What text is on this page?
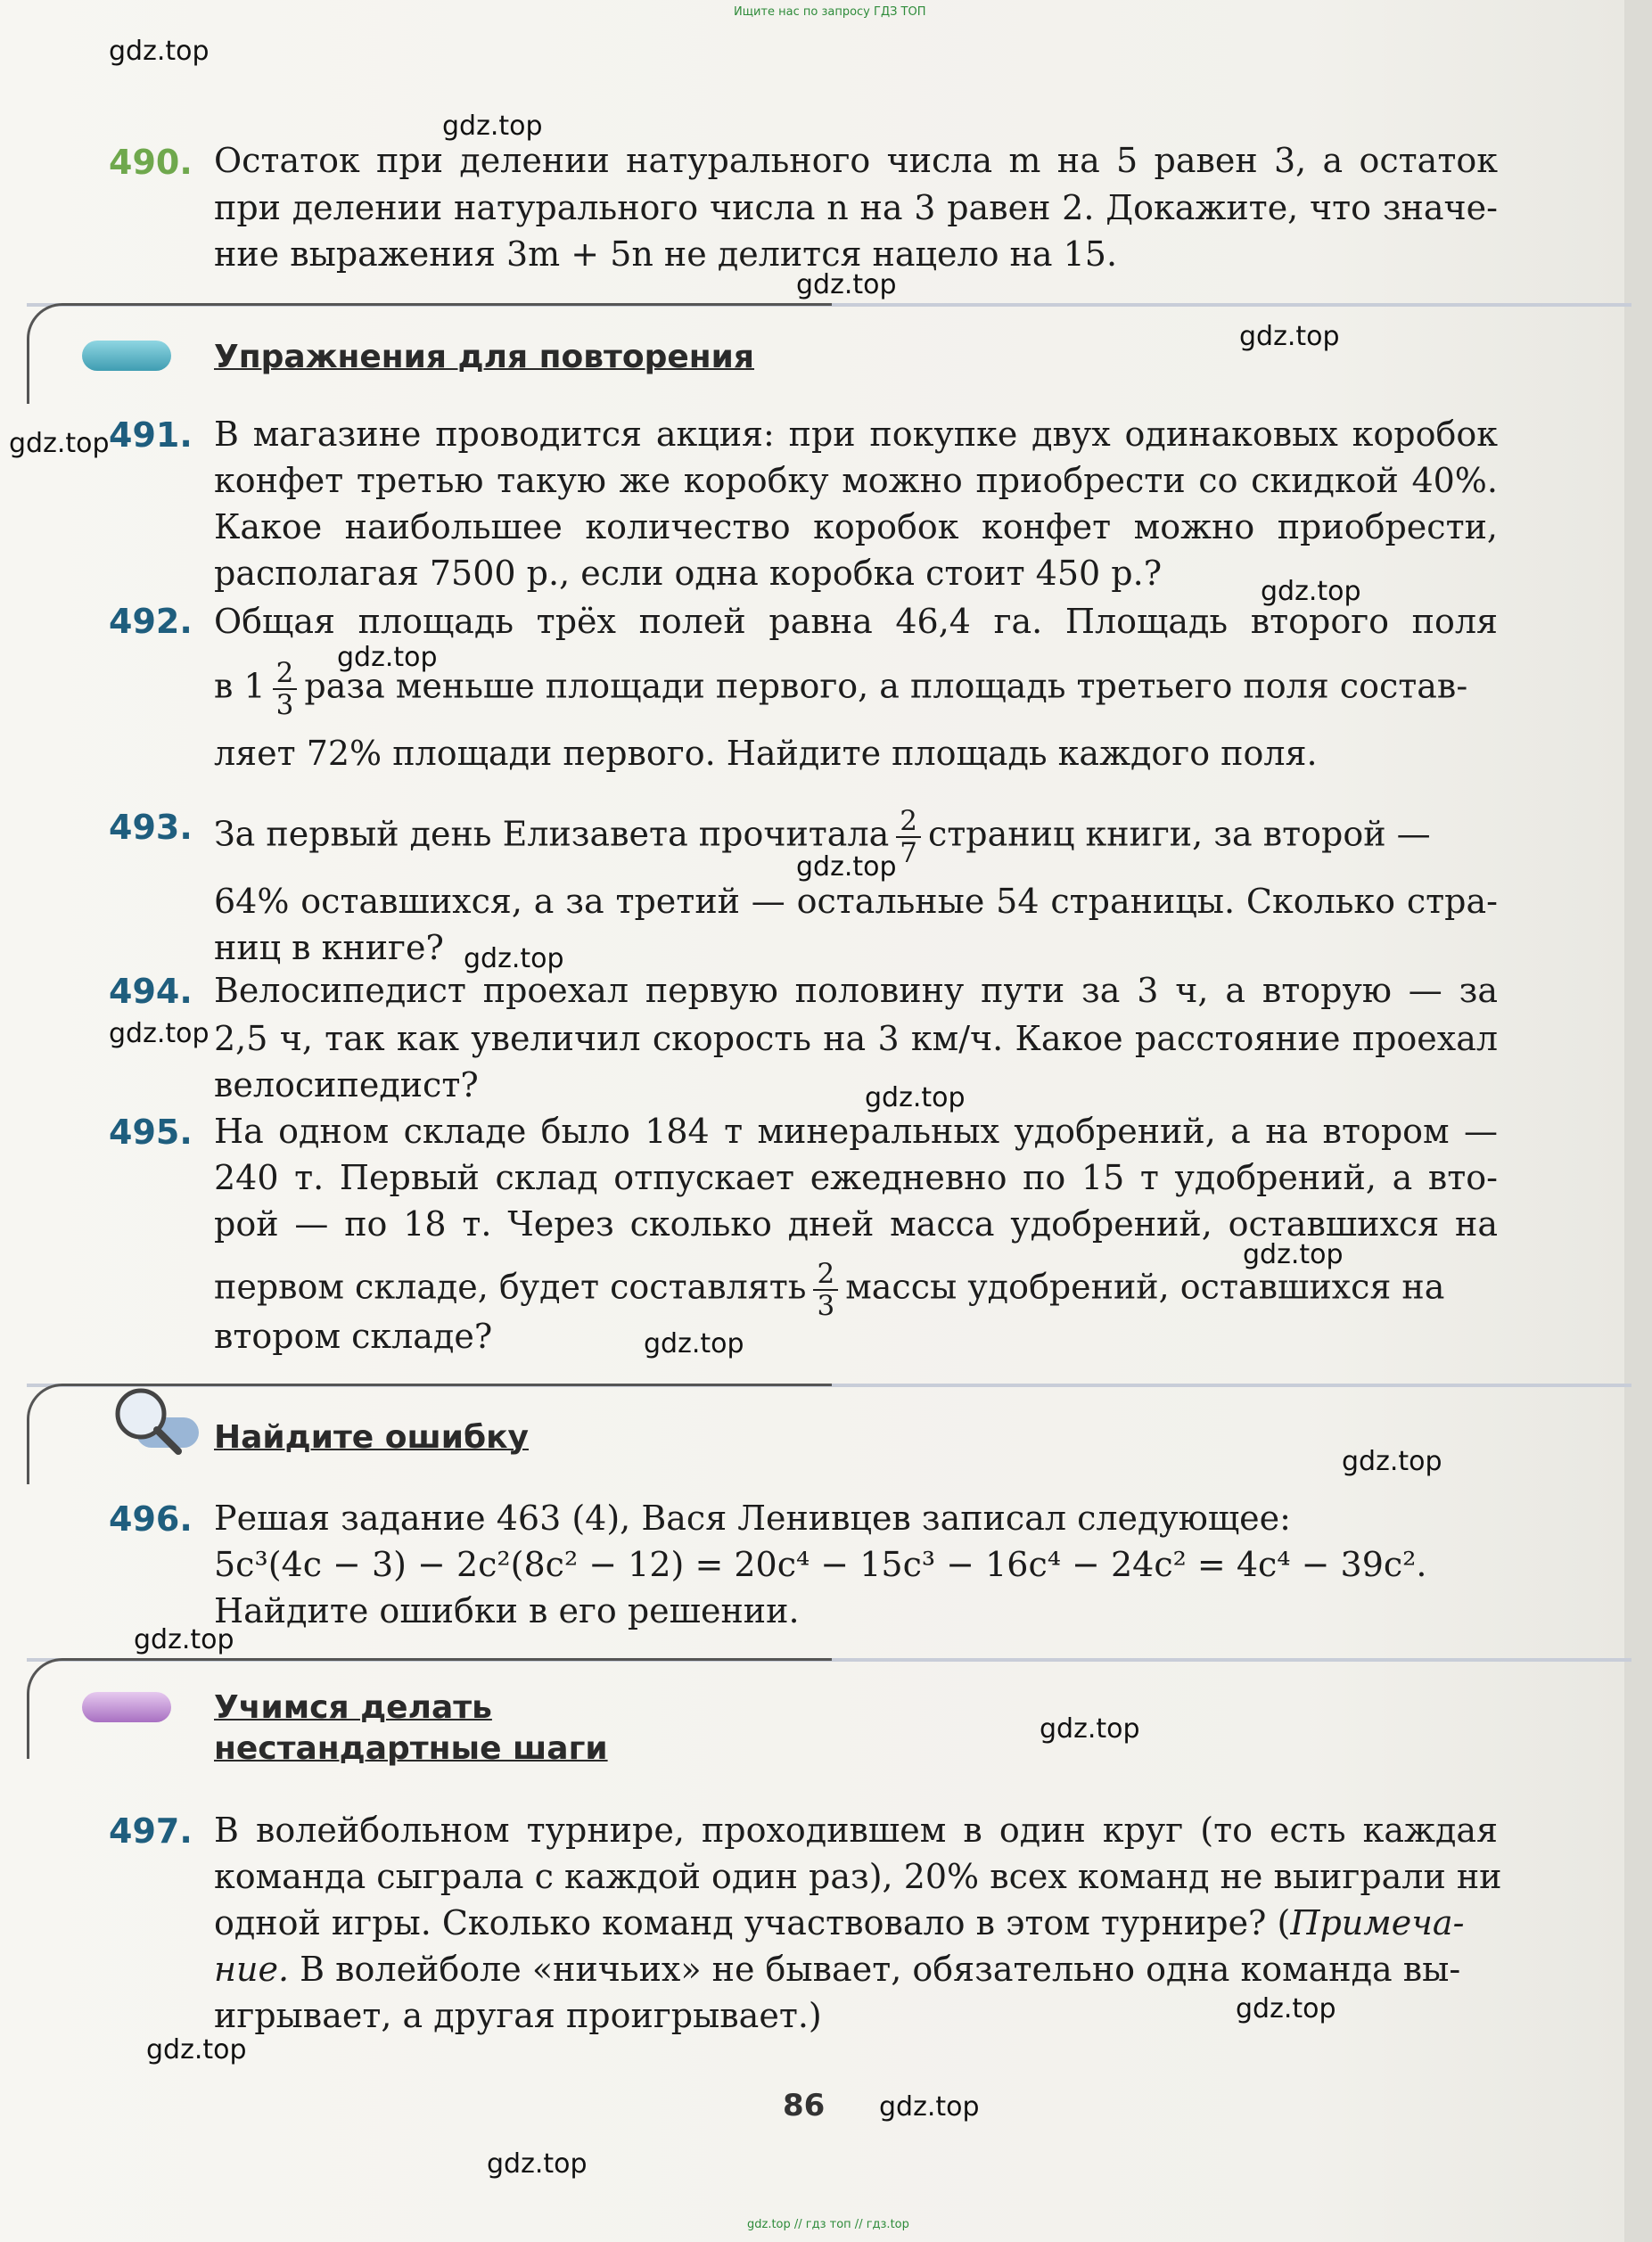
Ищите нас по запросу ГДЗ ТОП
gdz.top
gdz.top
gdz.top
gdz.top
gdz.top
gdz.top
gdz.top
gdz.top
gdz.top
gdz.top
gdz.top
gdz.top
gdz.top
gdz.top
gdz.top
gdz.top
gdz.top
gdz.top
gdz.top
gdz.top
490. Остаток при делении натурального числа m на 5 равен 3, а остаток
при делении натурального числа n на 3 равен 2. Докажите, что значе-
ние выражения 3m + 5n не делится нацело на 15.
Упражнения для повторения
491. В магазине проводится акция: при покупке двух одинаковых коробок
конфет третью такую же коробку можно приобрести со скидкой 40%.
Какое наибольшее количество коробок конфет можно приобрести,
располагая 7500 р., если одна коробка стоит 450 р.?
492. Общая площадь трёх полей равна 46,4 га. Площадь второго поля
в $1 \frac{2}{3}$ раза меньше площади первого, а площадь третьего поля состав-
ляет 72% площади первого. Найдите площадь каждого поля.
493. За первый день Елизавета прочитала $\frac{2}{7}$ страниц книги, за второй —
64% оставшихся, а за третий — остальные 54 страницы. Сколько стра-
ниц в книге?
494. Велосипедист проехал первую половину пути за 3 ч, а вторую — за
2,5 ч, так как увеличил скорость на 3 км/ч. Какое расстояние проехал
велосипедист?
495. На одном складе было 184 т минеральных удобрений, а на втором —
240 т. Первый склад отпускает ежедневно по 15 т удобрений, а вто-
рой — по 18 т. Через сколько дней масса удобрений, оставшихся на
первом складе, будет составлять $\frac{2}{3}$ массы удобрений, оставшихся на
втором складе?
Найдите ошибку
496. Решая задание 463 (4), Вася Ленивцев записал следующее:
5c³(4c − 3) − 2c²(8c² − 12) = 20c⁴ − 15c³ − 16c⁴ − 24c² = 4c⁴ − 39c².
Найдите ошибки в его решении.
Учимся делать
нестандартные шаги
497. В волейбольном турнире, проходившем в один круг (то есть каждая
команда сыграла с каждой один раз), 20% всех команд не выиграли ни
одной игры. Сколько команд участвовало в этом турнире? (Примеча-
ние. В волейболе «ничьих» не бывает, обязательно одна команда вы-
игрывает, а другая проигрывает.)
86
gdz.top // гдз топ // гдз.top
